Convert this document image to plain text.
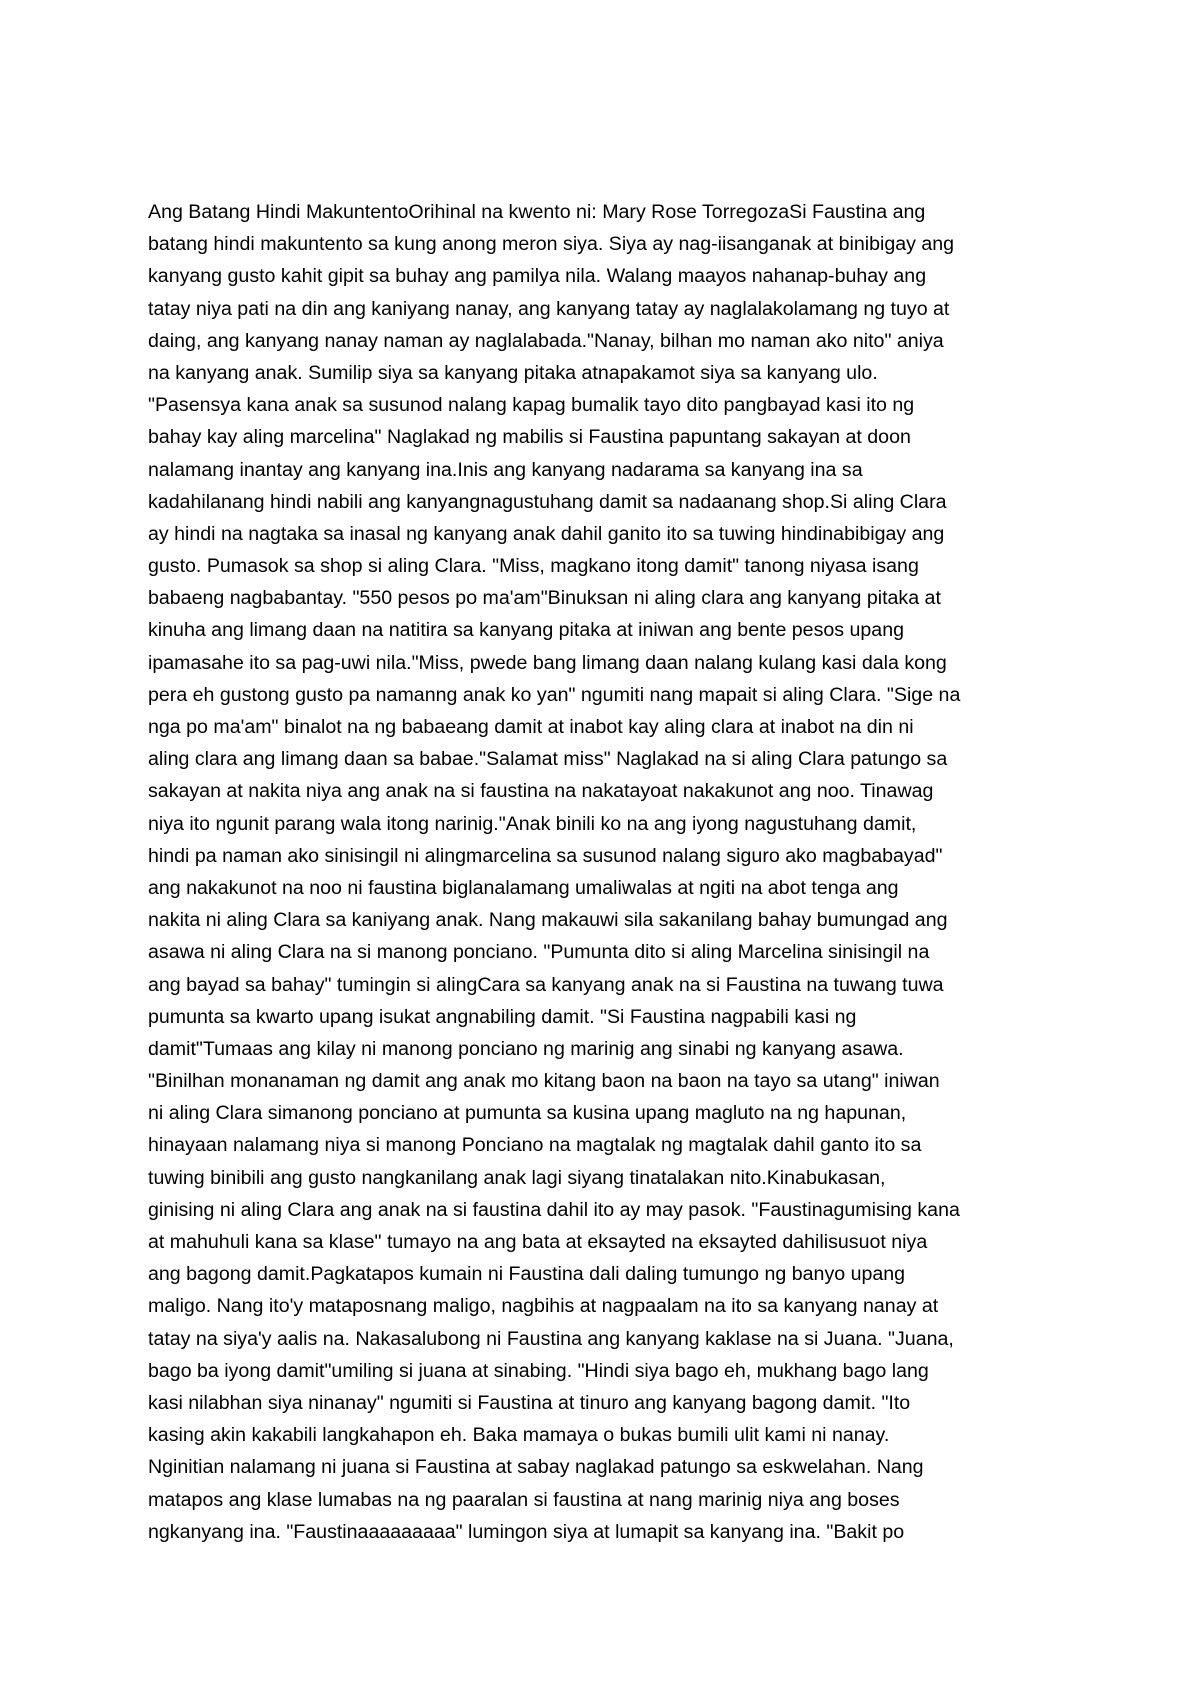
Ang Batang Hindi MakuntentoOrihinal na kwento ni: Mary Rose TorregozaSi Faustina ang
batang hindi makuntento sa kung anong meron siya. Siya ay nag-iisanganak at binibigay ang
kanyang gusto kahit gipit sa buhay ang pamilya nila. Walang maayos nahanap-buhay ang
tatay niya pati na din ang kaniyang nanay, ang kanyang tatay ay naglalakolamang ng tuyo at
daing, ang kanyang nanay naman ay naglalabada."Nanay, bilhan mo naman ako nito" aniya
na kanyang anak. Sumilip siya sa kanyang pitaka atnapakamot siya sa kanyang ulo.
"Pasensya kana anak sa susunod nalang kapag bumalik tayo dito pangbayad kasi ito ng
bahay kay aling marcelina" Naglakad ng mabilis si Faustina papuntang sakayan at doon
nalamang inantay ang kanyang ina.Inis ang kanyang nadarama sa kanyang ina sa
kadahilanang hindi nabili ang kanyangnagustuhang damit sa nadaanang shop.Si aling Clara
ay hindi na nagtaka sa inasal ng kanyang anak dahil ganito ito sa tuwing hindinabibigay ang
gusto. Pumasok sa shop si aling Clara. "Miss, magkano itong damit" tanong niyasa isang
babaeng nagbabantay. "550 pesos po ma'am"Binuksan ni aling clara ang kanyang pitaka at
kinuha ang limang daan na natitira sa kanyang pitaka at iniwan ang bente pesos upang
ipamasahe ito sa pag-uwi nila."Miss, pwede bang limang daan nalang kulang kasi dala kong
pera eh gustong gusto pa namanng anak ko yan" ngumiti nang mapait si aling Clara. "Sige na
nga po ma'am" binalot na ng babaeang damit at inabot kay aling clara at inabot na din ni
aling clara ang limang daan sa babae."Salamat miss" Naglakad na si aling Clara patungo sa
sakayan at nakita niya ang anak na si faustina na nakatayoat nakakunot ang noo. Tinawag
niya ito ngunit parang wala itong narinig."Anak binili ko na ang iyong nagustuhang damit,
hindi pa naman ako sinisingil ni alingmarcelina sa susunod nalang siguro ako magbabayad"
ang nakakunot na noo ni faustina biglanalamang umaliwalas at ngiti na abot tenga ang
nakita ni aling Clara sa kaniyang anak. Nang makauwi sila sakanilang bahay bumungad ang
asawa ni aling Clara na si manong ponciano. "Pumunta dito si aling Marcelina sinisingil na
ang bayad sa bahay" tumingin si alingCara sa kanyang anak na si Faustina na tuwang tuwa
pumunta sa kwarto upang isukat angnabiling damit. "Si Faustina nagpabili kasi ng
damit"Tumaas ang kilay ni manong ponciano ng marinig ang sinabi ng kanyang asawa.
"Binilhan monanaman ng damit ang anak mo kitang baon na baon na tayo sa utang" iniwan
ni aling Clara simanong ponciano at pumunta sa kusina upang magluto na ng hapunan,
hinayaan nalamang niya si manong Ponciano na magtalak ng magtalak dahil ganto ito sa
tuwing binibili ang gusto nangkanilang anak lagi siyang tinatalakan nito.Kinabukasan,
ginising ni aling Clara ang anak na si faustina dahil ito ay may pasok. "Faustinagumising kana
at mahuhuli kana sa klase" tumayo na ang bata at eksayted na eksayted dahilisusuot niya
ang bagong damit.Pagkatapos kumain ni Faustina dali daling tumungo ng banyo upang
maligo. Nang ito'y mataposnang maligo, nagbihis at nagpaalam na ito sa kanyang nanay at
tatay na siya'y aalis na. Nakasalubong ni Faustina ang kanyang kaklase na si Juana. "Juana,
bago ba iyong damit"umiling si juana at sinabing. "Hindi siya bago eh, mukhang bago lang
kasi nilabhan siya ninanay" ngumiti si Faustina at tinuro ang kanyang bagong damit. "Ito
kasing akin kakabili langkahapon eh. Baka mamaya o bukas bumili ulit kami ni nanay.
Nginitian nalamang ni juana si Faustina at sabay naglakad patungo sa eskwelahan. Nang
matapos ang klase lumabas na ng paaralan si faustina at nang marinig niya ang boses
ngkanyang ina. "Faustinaaaaaaaaa" lumingon siya at lumapit sa kanyang ina. "Bakit po
